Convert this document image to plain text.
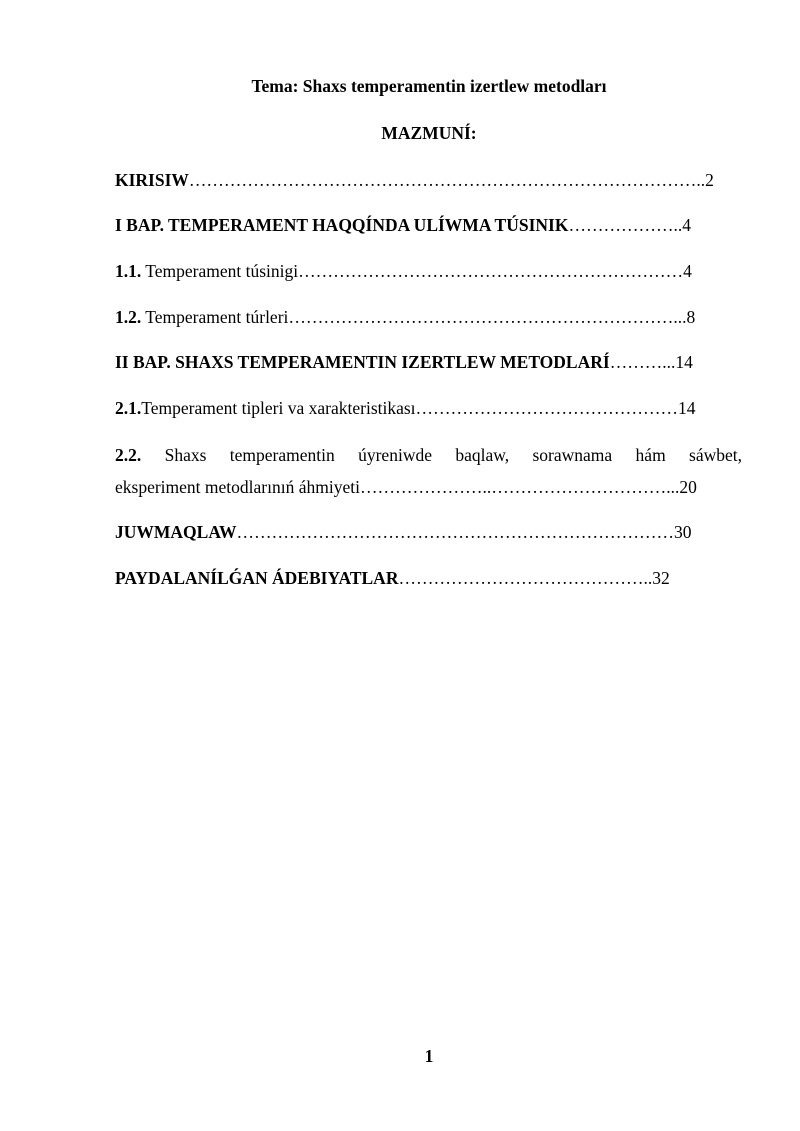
Tema: Shaxs temperamentin izertlew metodları
MAZMUNÍ:
KIRISIW……………………………………………………………………………..2
I BAP. TEMPERAMENT HAQQÍNDA ULÍWMA TÚSINIK………………..4
1.1. Temperament túsinigi…………………………………………………………4
1.2. Temperament túrleri…………………………………………………………...8
II BAP. SHAXS TEMPERAMENTIN IZERTLEW METODLARÍ………...14
2.1.Temperament tipleri va xarakteristikası………………………………………14
2.2. Shaxs temperamentin úyreniwde baqlaw, sorawnama hám sáwbet,
eksperiment metodlarınıń áhmiyeti…………………..…………………………...20
JUWMAQLAW…………………………………………………………………30
PAYDALANÍLǴAN ÁDEBIYATLAR……………………………………..32
1
